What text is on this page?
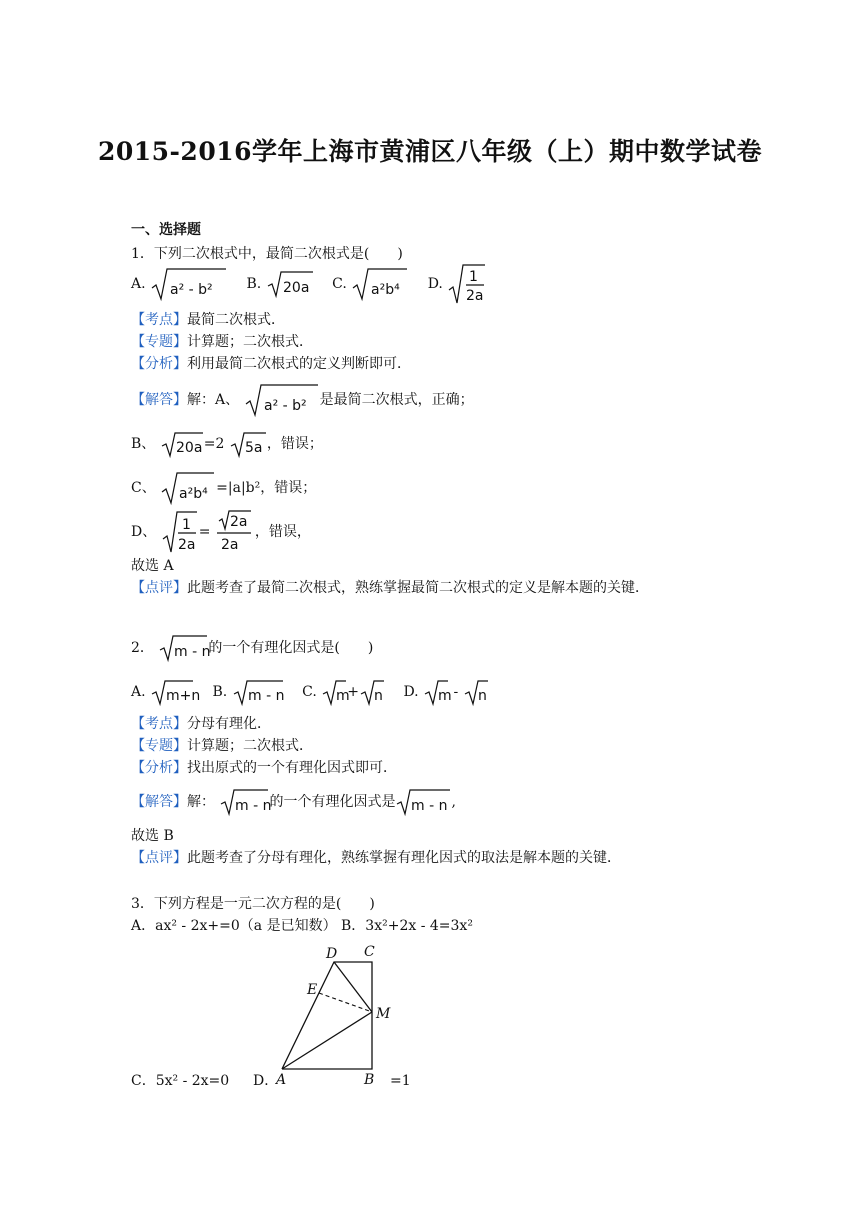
2015-2016学年上海市黄浦区八年级（上）期中数学试卷
一、选择题
1．下列二次根式中，最简二次根式是(　　)
A. a² - b² B. 20a C. a²b⁴ D. 1
2a
【考点】最简二次根式．
【专题】计算题；二次根式．
【分析】利用最简二次根式的定义判断即可．
【解答】解：A、 a² - b² 是最简二次根式，正确；
B、 20a =2 5a ，错误；
C、 a²b⁴ =|a|b²，错误；
D、 1
2a
=
2a
2a
，错误，
故选 A
【点评】此题考查了最简二次根式，熟练掌握最简二次根式的定义是解本题的关键．
2． m - n
的一个有理化因式是(　　)
A. m+n B. m - n C. m
+ n D. m
- n
【考点】分母有理化．
【专题】计算题；二次根式．
【分析】找出原式的一个有理化因式即可．
【解答】解： m - n
的一个有理化因式是 m - n ,
故选 B
【点评】此题考查了分母有理化，熟练掌握有理化因式的取法是解本题的关键．
3．下列方程是一元二次方程的是(　　)
A．ax² - 2x+=0（a 是已知数） B．3x²+2x - 4=3x²
D C
E
M
A	B
C．5x² - 2x=0 D．	=1
